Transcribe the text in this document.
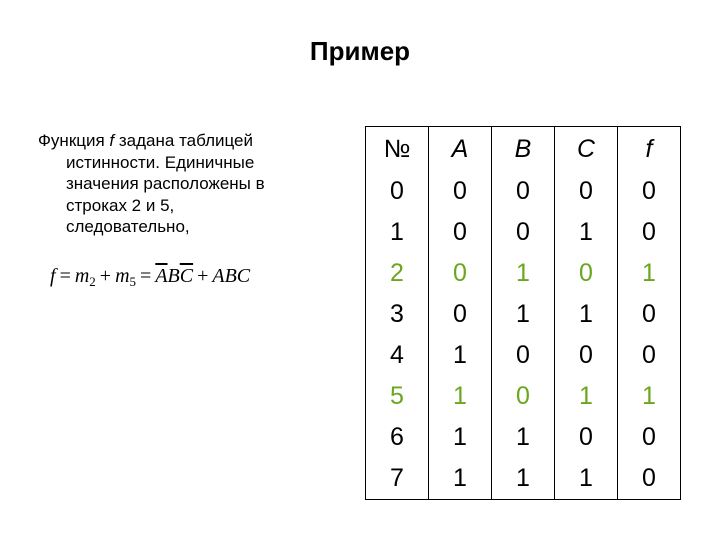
Пример
Функция f задана таблицей
истинности. Единичные
значения расположены в
строках 2 и 5,
следовательно,
$f = m_2 + m_5 = \overline{A}B\overline{C}$ + ABC
№	A	B	C	f
0	0	0	0	0
1	0	0	1	0
2	0	1	0	1
3	0	1	1	0
4	1	0	0	0
5	1	0	1	1
6	1	1	0	0
7	1	1	1	0
